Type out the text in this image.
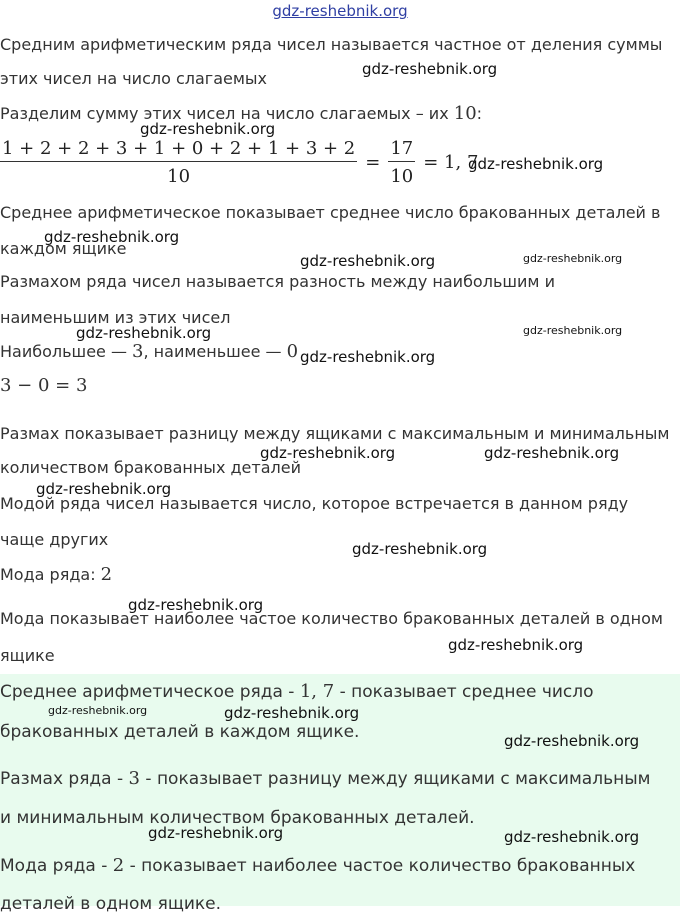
gdz-reshebnik.org
Средним арифметическим ряда чисел называется частное от деления суммы
этих чисел на число слагаемых
Разделим сумму этих чисел на число слагаемых – их 10:
$\frac{1 + 2 + 2 + 3 + 1 + 0 + 2 + 1 + 3 + 2}{10} = \frac{17}{10} = 1$, 7
Среднее арифметическое показывает среднее число бракованных деталей в
каждом ящике
Размахом ряда чисел называется разность между наибольшим и
наименьшим из этих чисел
Наибольшее — 3, наименьшее — 0
3 − 0 = 3
Размах показывает разницу между ящиками с максимальным и минимальным
количеством бракованных деталей
Модой ряда чисел называется число, которое встречается в данном ряду
чаще других
Мода ряда: 2
Мода показывает наиболее частое количество бракованных деталей в одном
ящике
Среднее арифметическое ряда - 1, 7 - показывает среднее число
бракованных деталей в каждом ящике.
Размах ряда - 3 - показывает разницу между ящиками с максимальным
и минимальным количеством бракованных деталей.
Мода ряда - 2 - показывает наиболее частое количество бракованных
деталей в одном ящике.
gdz-reshebnik.org
gdz-reshebnik.org
gdz-reshebnik.org
gdz-reshebnik.org
gdz-reshebnik.org	gdz-reshebnik.org
gdz-reshebnik.org	gdz-reshebnik.org
gdz-reshebnik.org
gdz-reshebnik.org	gdz-reshebnik.org
gdz-reshebnik.org
gdz-reshebnik.org
gdz-reshebnik.org
gdz-reshebnik.org
gdz-reshebnik.org	gdz-reshebnik.org
gdz-reshebnik.org
gdz-reshebnik.org	gdz-reshebnik.org
